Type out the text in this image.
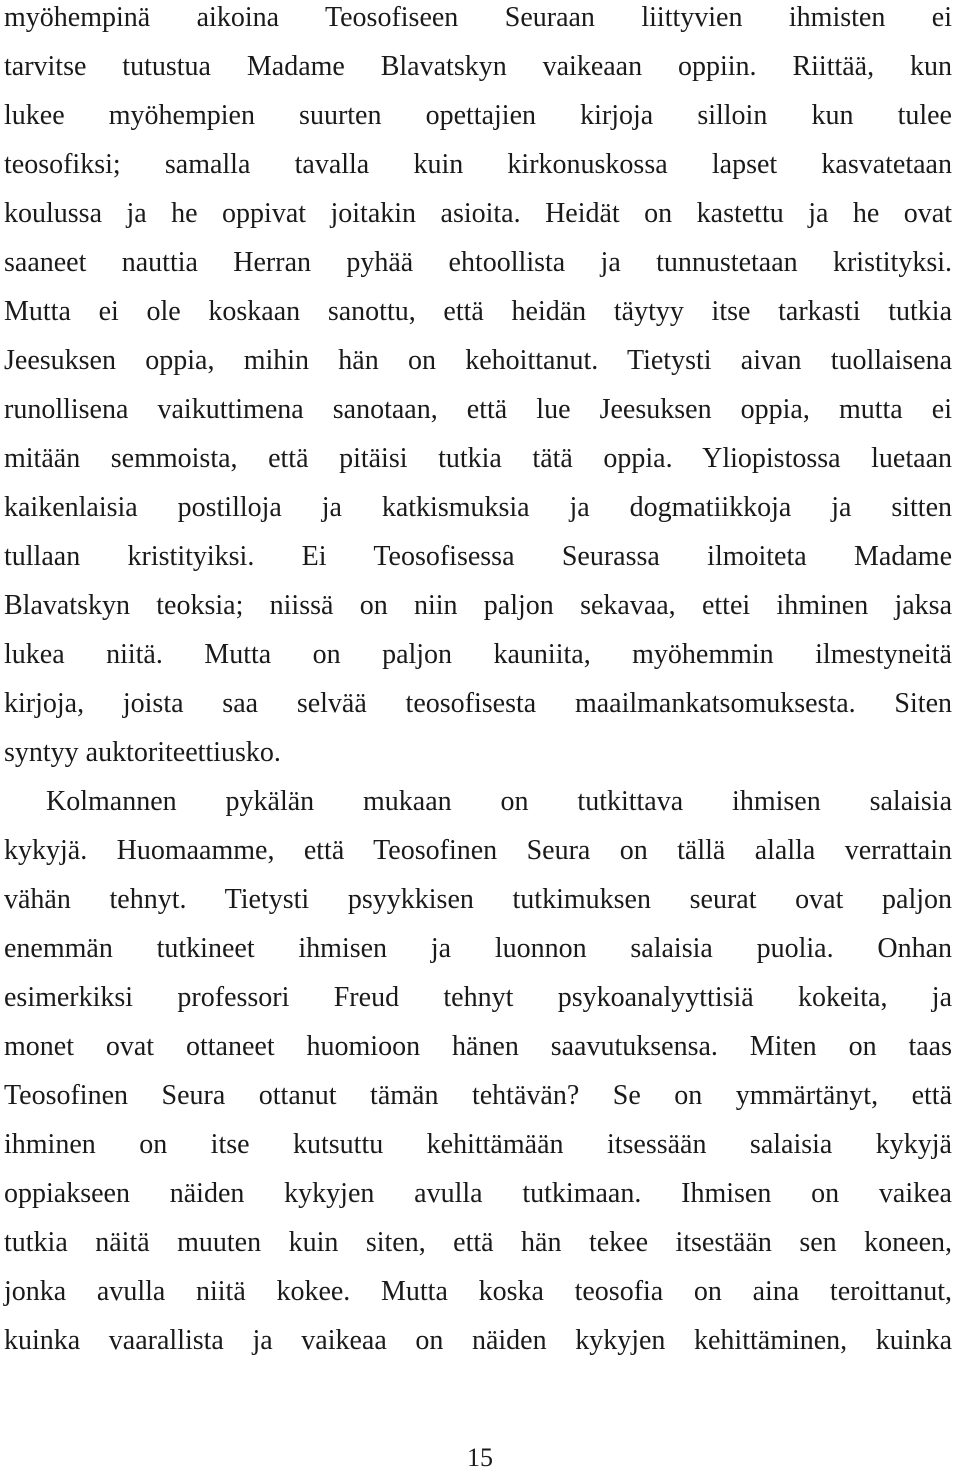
myöhempinä aikoina Teosofiseen Seuraan liittyvien ihmisten ei
tarvitse tutustua Madame Blavatskyn vaikeaan oppiin. Riittää, kun
lukee myöhempien suurten opettajien kirjoja silloin kun tulee
teosofiksi; samalla tavalla kuin kirkonuskossa lapset kasvatetaan
koulussa ja he oppivat joitakin asioita. Heidät on kastettu ja he ovat
saaneet nauttia Herran pyhää ehtoollista ja tunnustetaan kristityksi.
Mutta ei ole koskaan sanottu, että heidän täytyy itse tarkasti tutkia
Jeesuksen oppia, mihin hän on kehoittanut. Tietysti aivan tuollaisena
runollisena vaikuttimena sanotaan, että lue Jeesuksen oppia, mutta ei
mitään semmoista, että pitäisi tutkia tätä oppia. Yliopistossa luetaan
kaikenlaisia postilloja ja katkismuksia ja dogmatiikkoja ja sitten
tullaan kristityiksi. Ei Teosofisessa Seurassa ilmoiteta Madame
Blavatskyn teoksia; niissä on niin paljon sekavaa, ettei ihminen jaksa
lukea niitä. Mutta on paljon kauniita, myöhemmin ilmestyneitä
kirjoja, joista saa selvää teosofisesta maailmankatsomuksesta. Siten
syntyy auktoriteettiusko.
Kolmannen pykälän mukaan on tutkittava ihmisen salaisia
kykyjä. Huomaamme, että Teosofinen Seura on tällä alalla verrattain
vähän tehnyt. Tietysti psyykkisen tutkimuksen seurat ovat paljon
enemmän tutkineet ihmisen ja luonnon salaisia puolia. Onhan
esimerkiksi professori Freud tehnyt psykoanalyyttisiä kokeita, ja
monet ovat ottaneet huomioon hänen saavutuksensa. Miten on taas
Teosofinen Seura ottanut tämän tehtävän? Se on ymmärtänyt, että
ihminen on itse kutsuttu kehittämään itsessään salaisia kykyjä
oppiakseen näiden kykyjen avulla tutkimaan. Ihmisen on vaikea
tutkia näitä muuten kuin siten, että hän tekee itsestään sen koneen,
jonka avulla niitä kokee. Mutta koska teosofia on aina teroittanut,
kuinka vaarallista ja vaikeaa on näiden kykyjen kehittäminen, kuinka
15
